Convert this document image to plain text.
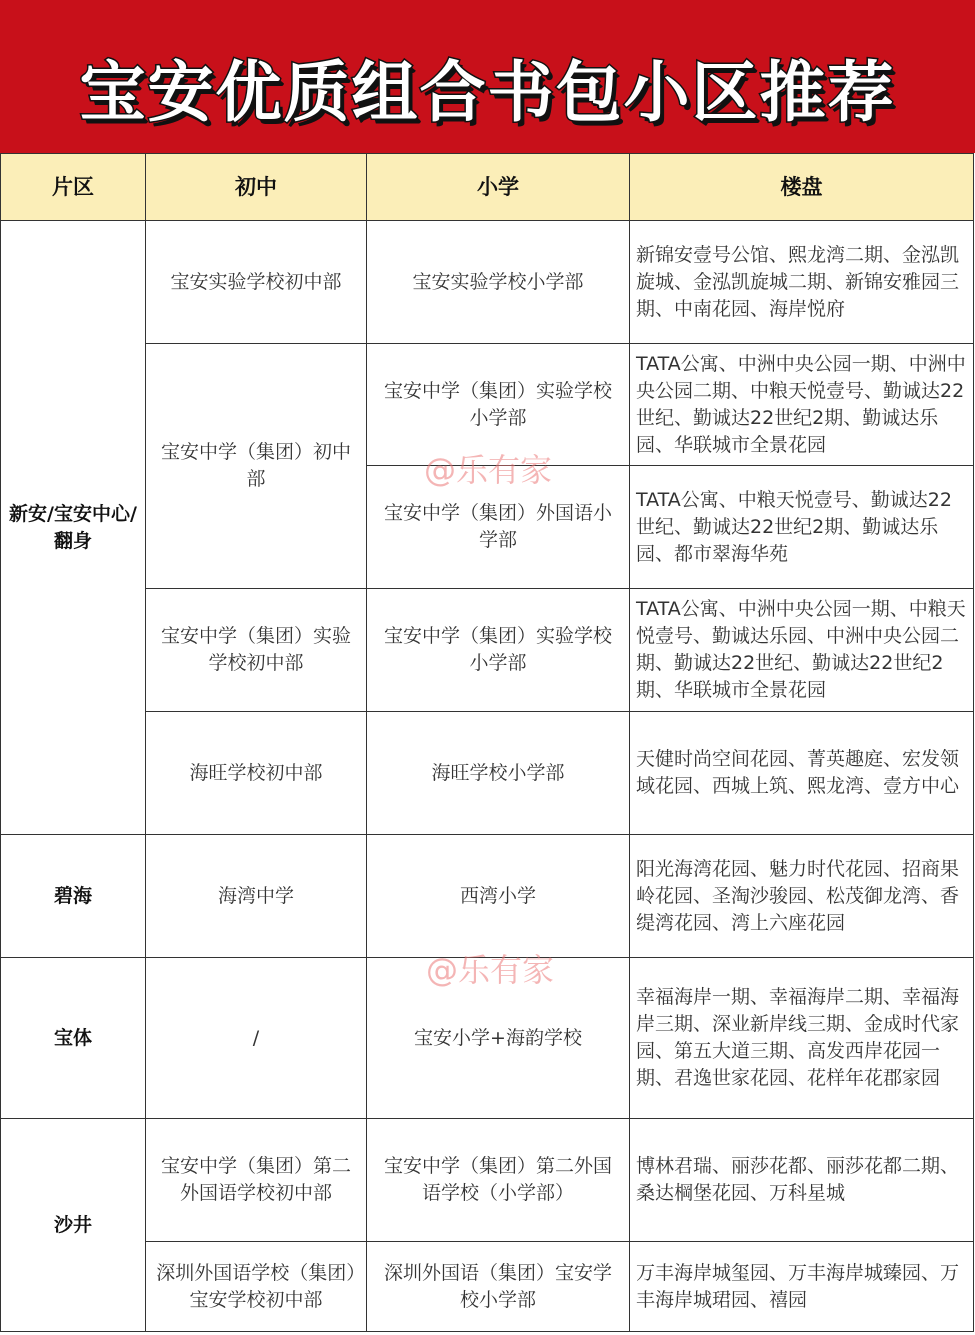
宝安优质组合书包小区推荐
片区	初中	小学	楼盘
新安/宝安中心/翻身	宝安实验学校初中部	宝安实验学校小学部	新锦安壹号公馆、熙龙湾二期、金泓凯旋城、金泓凯旋城二期、新锦安雅园三期、中南花园、海岸悦府
	宝安中学（集团）初中部	宝安中学（集团）实验学校小学部	TATA公寓、中洲中央公园一期、中洲中央公园二期、中粮天悦壹号、勤诚达22世纪、勤诚达22世纪2期、勤诚达乐园、华联城市全景花园
		宝安中学（集团）外国语小学部	TATA公寓、中粮天悦壹号、勤诚达22世纪、勤诚达22世纪2期、勤诚达乐园、都市翠海华苑
	宝安中学（集团）实验学校初中部	宝安中学（集团）实验学校小学部	TATA公寓、中洲中央公园一期、中粮天悦壹号、勤诚达乐园、中洲中央公园二期、勤诚达22世纪、勤诚达22世纪2期、华联城市全景花园
	海旺学校初中部	海旺学校小学部	天健时尚空间花园、菁英趣庭、宏发领域花园、西城上筑、熙龙湾、壹方中心
碧海	海湾中学	西湾小学	阳光海湾花园、魅力时代花园、招商果岭花园、圣淘沙骏园、松茂御龙湾、香缇湾花园、湾上六座花园
宝体	/	宝安小学+海韵学校	幸福海岸一期、幸福海岸二期、幸福海岸三期、深业新岸线三期、金成时代家园、第五大道三期、高发西岸花园一期、君逸世家花园、花样年花郡家园
沙井	宝安中学（集团）第二外国语学校初中部	宝安中学（集团）第二外国语学校（小学部）	博林君瑞、丽莎花都、丽莎花都二期、桑达棡堡花园、万科星城
	深圳外国语学校（集团）宝安学校初中部	深圳外国语（集团）宝安学校小学部	万丰海岸城玺园、万丰海岸城臻园、万丰海岸城珺园、禧园
@乐有家
@乐有家
